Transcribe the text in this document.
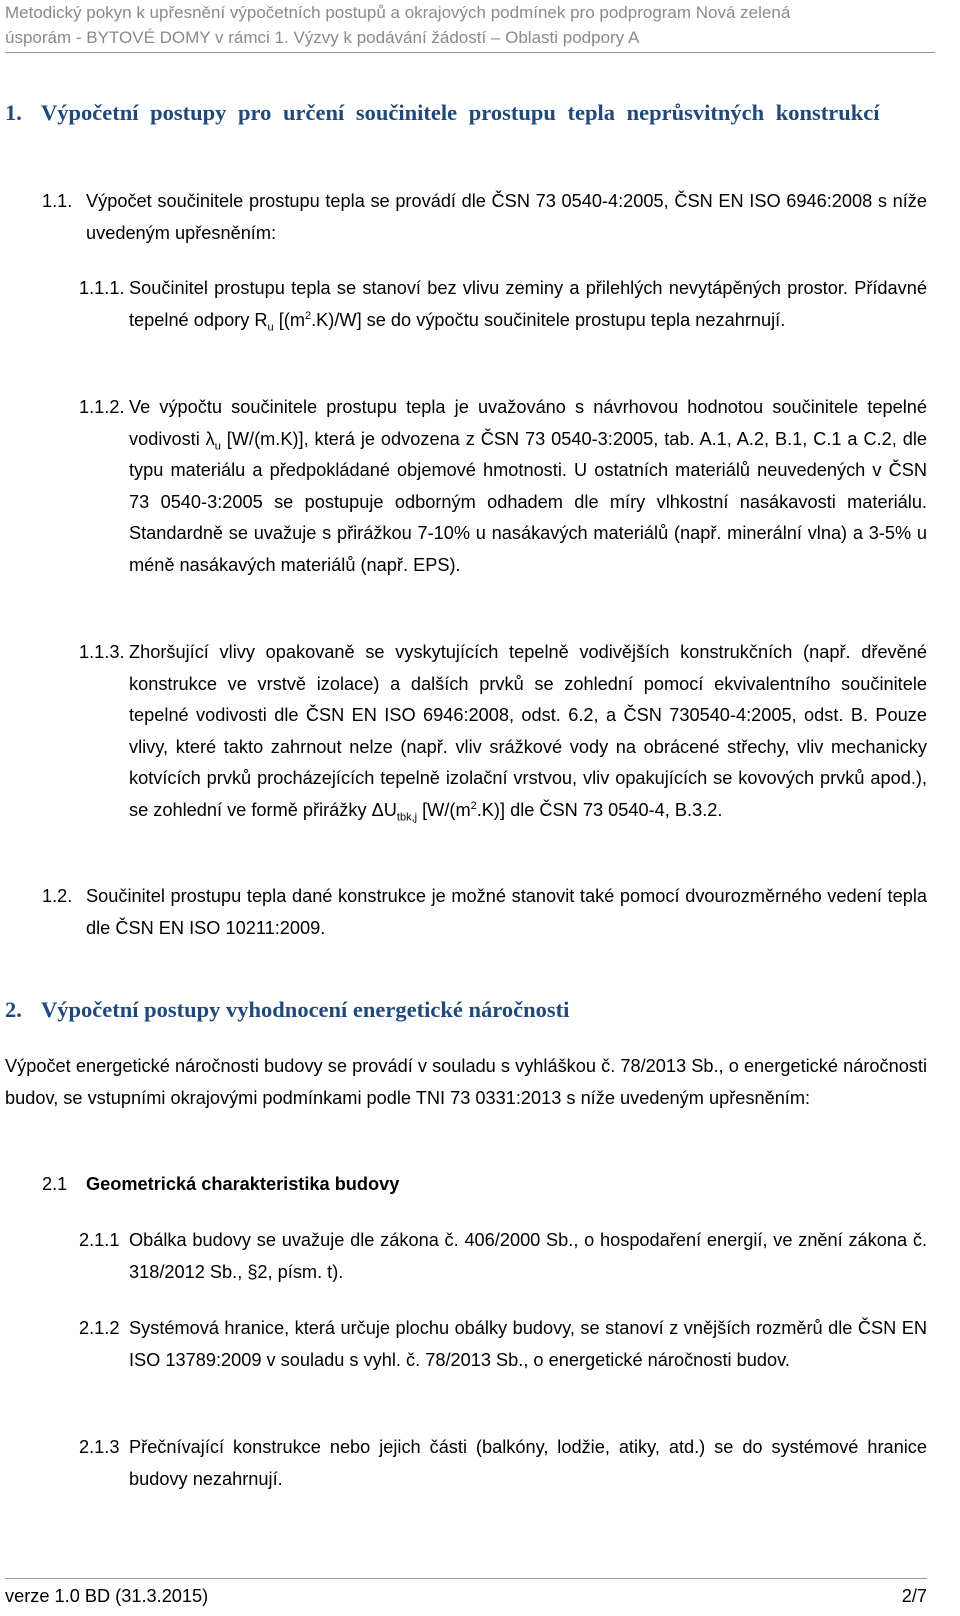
Metodický pokyn k upřesnění výpočetních postupů a okrajových podmínek pro podprogram Nová zelená
úsporám - BYTOVÉ DOMY v rámci 1. Výzvy k podávání žádostí – Oblasti podpory A
1. Výpočetní postupy pro určení součinitele prostupu tepla neprůsvitných konstrukcí
1.1. Výpočet součinitele prostupu tepla se provádí dle ČSN 73 0540-4:2005, ČSN EN ISO 6946:2008 s níže uvedeným upřesněním:
1.1.1. Součinitel prostupu tepla se stanoví bez vlivu zeminy a přilehlých nevytápěných prostor. Přídavné tepelné odpory $R_u$ $[(m^2.K)/W]$ se do výpočtu součinitele prostupu tepla nezahrnují.
1.1.2. Ve výpočtu součinitele prostupu tepla je uvažováno s návrhovou hodnotou součinitele tepelné vodivosti $\lambda_u$ [W/(m.K)], která je odvozena z ČSN 73 0540-3:2005, tab. A.1, A.2, B.1, C.1 a C.2, dle typu materiálu a předpokládané objemové hmotnosti. U ostatních materiálů neuvedených v ČSN 73 0540-3:2005 se postupuje odborným odhadem dle míry vlhkostní nasákavosti materiálu. Standardně se uvažuje s přirážkou 7-10% u nasákavých materiálů (např. minerální vlna) a 3-5% u méně nasákavých materiálů (např. EPS).
1.1.3. Zhoršující vlivy opakovaně se vyskytujících tepelně vodivějších konstrukčních (např. dřevěné konstrukce ve vrstvě izolace) a dalších prvků se zohlední pomocí ekvivalentního součinitele tepelné vodivosti dle ČSN EN ISO 6946:2008, odst. 6.2, a ČSN 730540-4:2005, odst. B. Pouze vlivy, které takto zahrnout nelze (např. vliv srážkové vody na obrácené střechy, vliv mechanicky kotvících prvků procházejících tepelně izolační vrstvou, vliv opakujících se kovových prvků apod.), se zohlední ve formě přirážky $\Delta U_{tbk,j}$ $[W/(m^2.K)]$ dle ČSN 73 0540-4, B.3.2.
1.2. Součinitel prostupu tepla dané konstrukce je možné stanovit také pomocí dvourozměrného vedení tepla dle ČSN EN ISO 10211:2009.
2. Výpočetní postupy vyhodnocení energetické náročnosti
Výpočet energetické náročnosti budovy se provádí v souladu s vyhláškou č. 78/2013 Sb., o energetické náročnosti budov, se vstupními okrajovými podmínkami podle TNI 73 0331:2013 s níže uvedeným upřesněním:
2.1	Geometrická charakteristika budovy
2.1.1 Obálka budovy se uvažuje dle zákona č. 406/2000 Sb., o hospodaření energií, ve znění zákona č. 318/2012 Sb., §2, písm. t).
2.1.2 Systémová hranice, která určuje plochu obálky budovy, se stanoví z vnějších rozměrů dle ČSN EN ISO 13789:2009 v souladu s vyhl. č. 78/2013 Sb., o energetické náročnosti budov.
2.1.3 Přečnívající konstrukce nebo jejich části (balkóny, lodžie, atiky, atd.) se do systémové hranice budovy nezahrnují.
verze 1.0 BD (31.3.2015)	2/7
